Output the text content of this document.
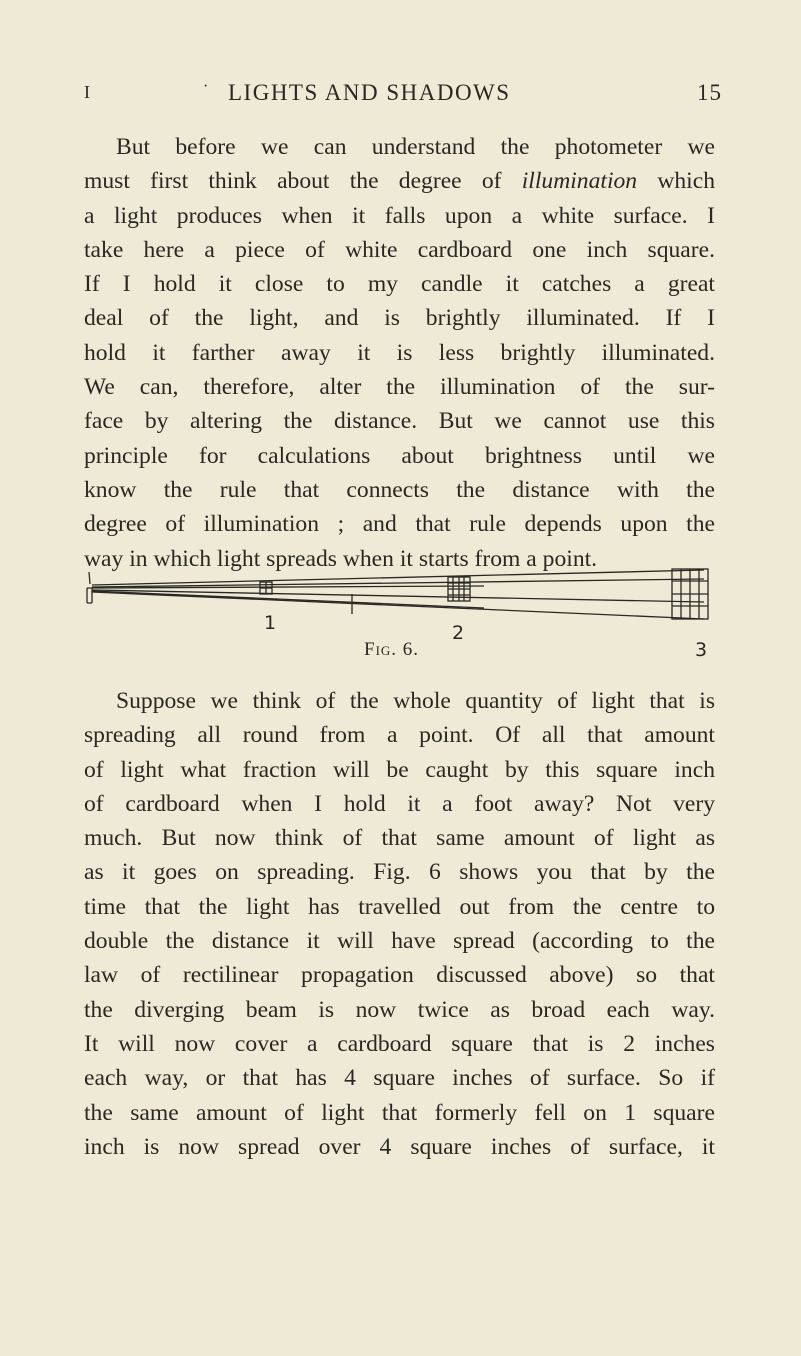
I	· LIGHTS AND SHADOWS	15
But before we can understand the photometer we
must first think about the degree of illumination which
a light produces when it falls upon a white surface. I
take here a piece of white cardboard one inch square.
If I hold it close to my candle it catches a great
deal of the light, and is brightly illuminated. If I
hold it farther away it is less brightly illuminated.
We can, therefore, alter the illumination of the sur-
face by altering the distance. But we cannot use this
principle for calculations about brightness until we
know the rule that connects the distance with the
degree of illumination ; and that rule depends upon the
way in which light spreads when it starts from a point.
1	2
3
Fig. 6.
Suppose we think of the whole quantity of light that is
spreading all round from a point. Of all that amount
of light what fraction will be caught by this square inch
of cardboard when I hold it a foot away? Not very
much. But now think of that same amount of light as
as it goes on spreading. Fig. 6 shows you that by the
time that the light has travelled out from the centre to
double the distance it will have spread (according to the
law of rectilinear propagation discussed above) so that
the diverging beam is now twice as broad each way.
It will now cover a cardboard square that is 2 inches
each way, or that has 4 square inches of surface. So if
the same amount of light that formerly fell on 1 square
inch is now spread over 4 square inches of surface, it
